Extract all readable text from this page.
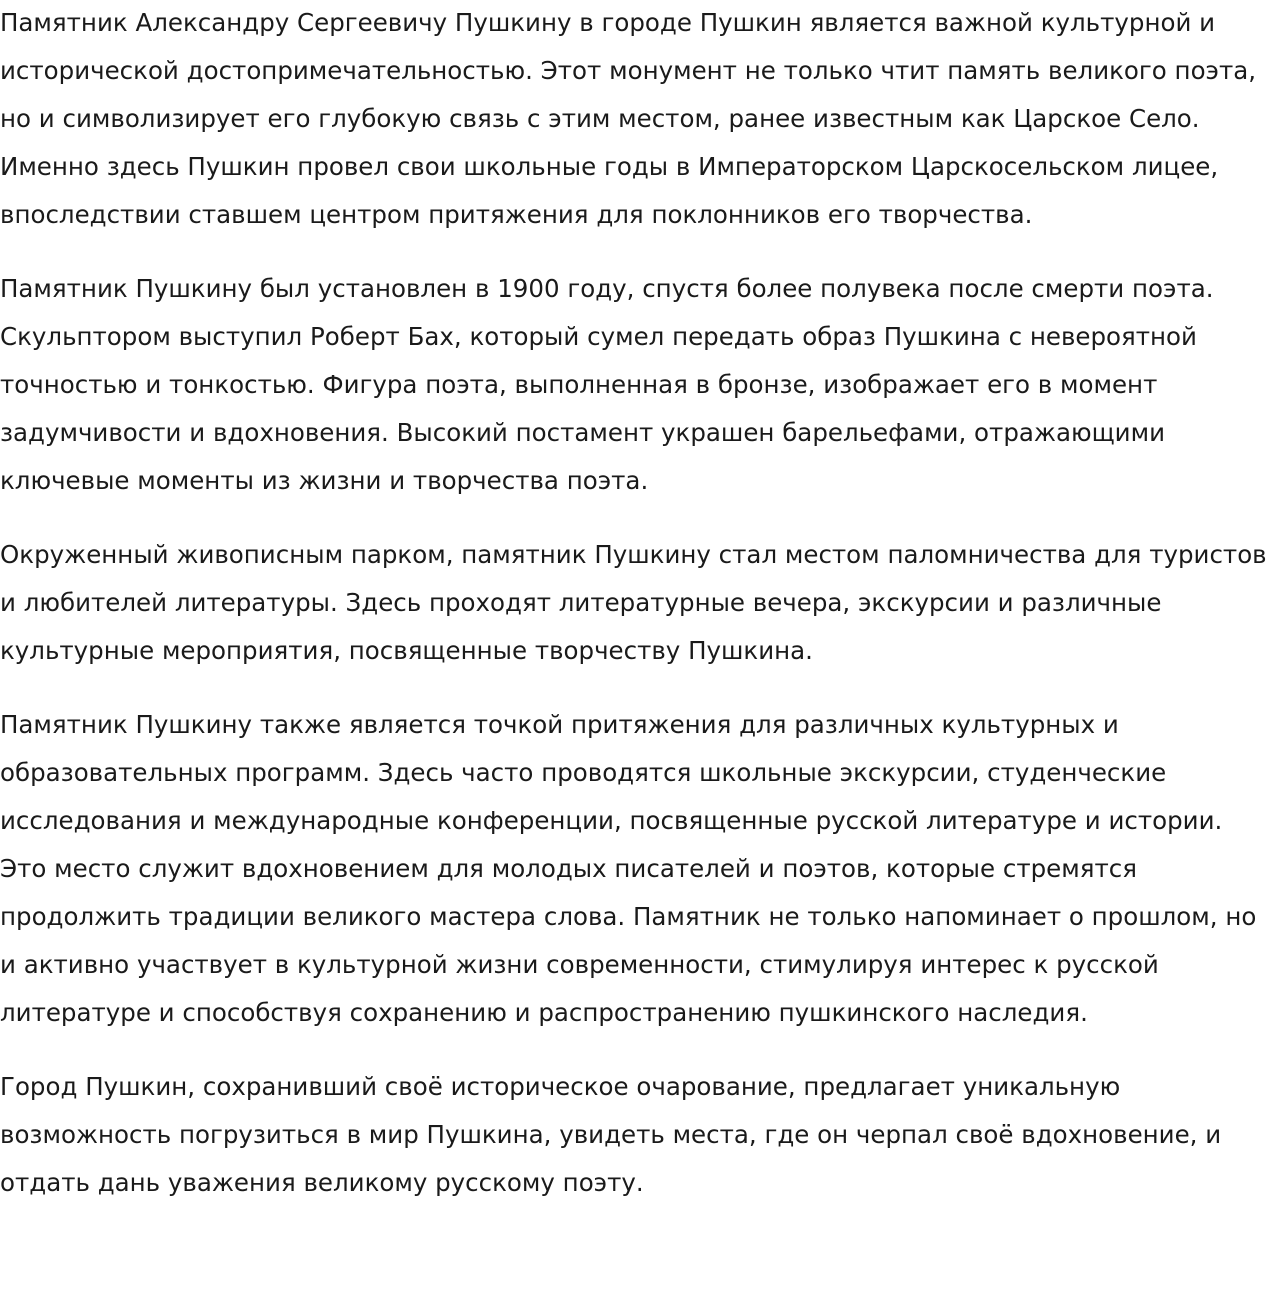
Памятник Александру Сергеевичу Пушкину в городе Пушкин является важной культурной и исторической достопримечательностью. Этот монумент не только чтит память великого поэта, но и символизирует его глубокую связь с этим местом, ранее известным как Царское Село. Именно здесь Пушкин провел свои школьные годы в Императорском Царскосельском лицее, впоследствии ставшем центром притяжения для поклонников его творчества.

Памятник Пушкину был установлен в 1900 году, спустя более полувека после смерти поэта. Скульптором выступил Роберт Бах, который сумел передать образ Пушкина с невероятной точностью и тонкостью. Фигура поэта, выполненная в бронзе, изображает его в момент задумчивости и вдохновения. Высокий постамент украшен барельефами, отражающими ключевые моменты из жизни и творчества поэта.

Окруженный живописным парком, памятник Пушкину стал местом паломничества для туристов и любителей литературы. Здесь проходят литературные вечера, экскурсии и различные культурные мероприятия, посвященные творчеству Пушкина.

Памятник Пушкину также является точкой притяжения для различных культурных и образовательных программ. Здесь часто проводятся школьные экскурсии, студенческие исследования и международные конференции, посвященные русской литературе и истории. Это место служит вдохновением для молодых писателей и поэтов, которые стремятся продолжить традиции великого мастера слова. Памятник не только напоминает о прошлом, но и активно участвует в культурной жизни современности, стимулируя интерес к русской литературе и способствуя сохранению и распространению пушкинского наследия.

Город Пушкин, сохранивший своё историческое очарование, предлагает уникальную возможность погрузиться в мир Пушкина, увидеть места, где он черпал своё вдохновение, и отдать дань уважения великому русскому поэту.
